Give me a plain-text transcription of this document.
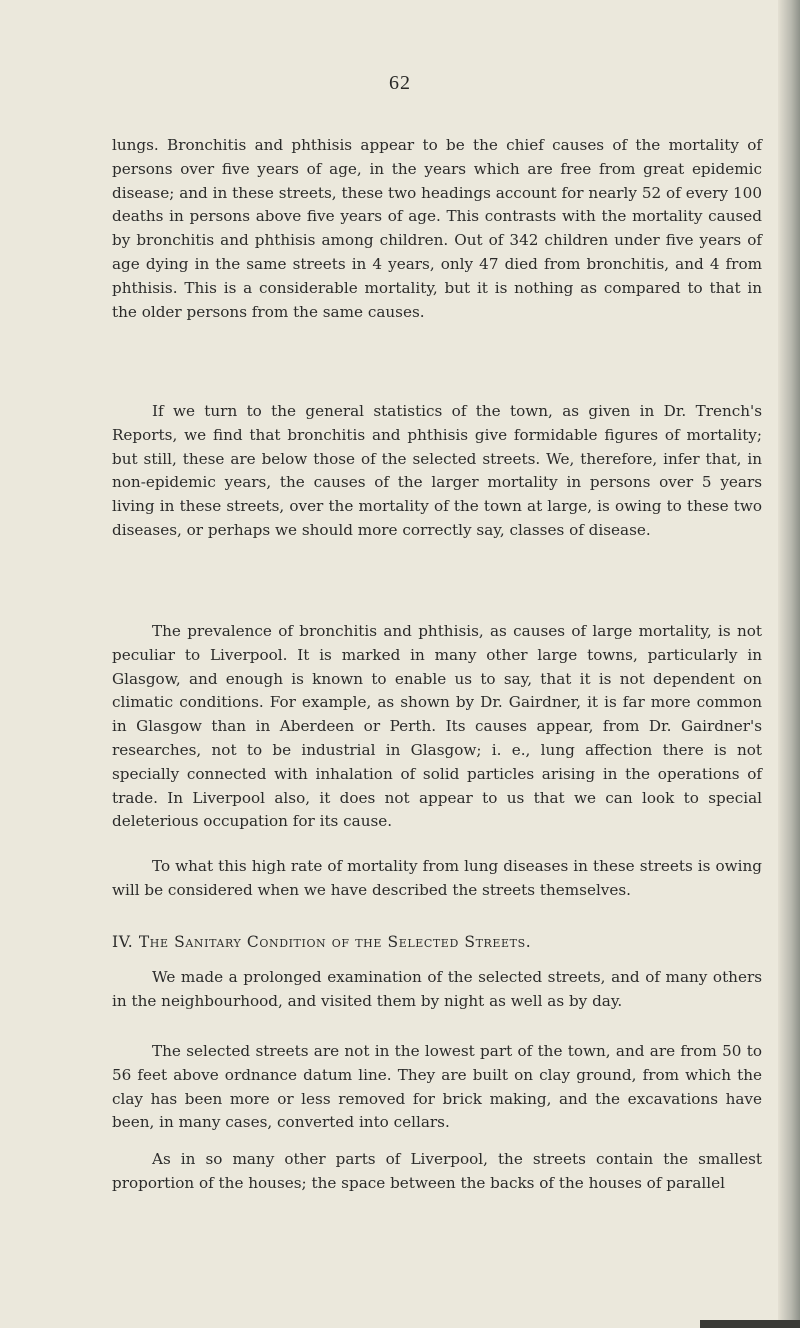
62

lungs. Bronchitis and phthisis appear to be the chief causes of the mortality of persons over five years of age, in the years which are free from great epidemic disease; and in these streets, these two headings account for nearly 52 of every 100 deaths in persons above five years of age. This contrasts with the mortality caused by bronchitis and phthisis among children. Out of 342 children under five years of age dying in the same streets in 4 years, only 47 died from bronchitis, and 4 from phthisis. This is a considerable mortality, but it is nothing as compared to that in the older persons from the same causes.

If we turn to the general statistics of the town, as given in Dr. Trench's Reports, we find that bronchitis and phthisis give formidable figures of mortality; but still, these are below those of the selected streets. We, therefore, infer that, in non-epidemic years, the causes of the larger mortality in persons over 5 years living in these streets, over the mortality of the town at large, is owing to these two diseases, or perhaps we should more correctly say, classes of disease.

The prevalence of bronchitis and phthisis, as causes of large mortality, is not peculiar to Liverpool. It is marked in many other large towns, particularly in Glasgow, and enough is known to enable us to say, that it is not dependent on climatic conditions. For example, as shown by Dr. Gairdner, it is far more common in Glasgow than in Aberdeen or Perth. Its causes appear, from Dr. Gairdner's researches, not to be industrial in Glasgow; i. e., lung affection there is not specially connected with inhalation of solid particles arising in the operations of trade. In Liverpool also, it does not appear to us that we can look to special deleterious occupation for its cause.

To what this high rate of mortality from lung diseases in these streets is owing will be considered when we have described the streets themselves.

IV. The Sanitary Condition of the Selected Streets.

We made a prolonged examination of the selected streets, and of many others in the neighbourhood, and visited them by night as well as by day.

The selected streets are not in the lowest part of the town, and are from 50 to 56 feet above ordnance datum line. They are built on clay ground, from which the clay has been more or less removed for brick making, and the excavations have been, in many cases, converted into cellars.

As in so many other parts of Liverpool, the streets contain the smallest proportion of the houses; the space between the backs of the houses of parallel
